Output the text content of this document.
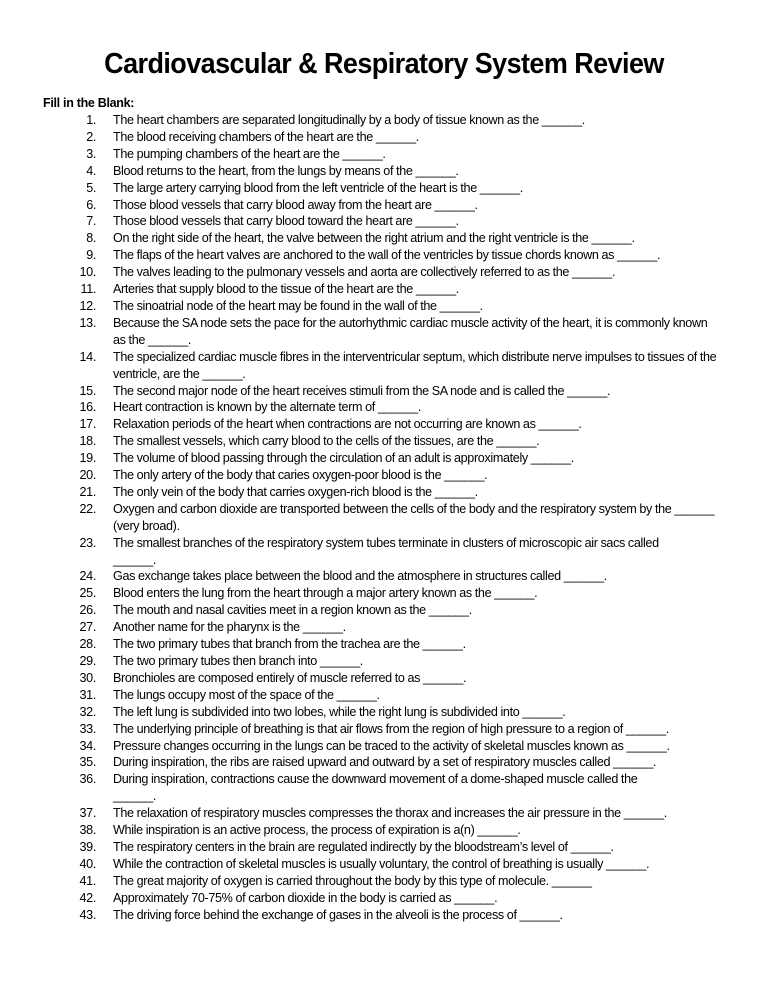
Cardiovascular & Respiratory System Review
Fill in the Blank:
1. The heart chambers are separated longitudinally by a body of tissue known as the ______.
2. The blood receiving chambers of the heart are the ______.
3. The pumping chambers of the heart are the ______.
4. Blood returns to the heart, from the lungs by means of the ______.
5. The large artery carrying blood from the left ventricle of the heart is the ______.
6. Those blood vessels that carry blood away from the heart are ______.
7. Those blood vessels that carry blood toward the heart are ______.
8. On the right side of the heart, the valve between the right atrium and the right ventricle is the ______.
9. The flaps of the heart valves are anchored to the wall of the ventricles by tissue chords known as ______.
10. The valves leading to the pulmonary vessels and aorta are collectively referred to as the ______.
11. Arteries that supply blood to the tissue of the heart are the ______.
12. The sinoatrial node of the heart may be found in the wall of the ______.
13. Because the SA node sets the pace for the autorhythmic cardiac muscle activity of the heart, it is commonly known as the ______.
14. The specialized cardiac muscle fibres in the interventricular septum, which distribute nerve impulses to tissues of the ventricle, are the ______.
15. The second major node of the heart receives stimuli from the SA node and is called the ______.
16. Heart contraction is known by the alternate term of ______.
17. Relaxation periods of the heart when contractions are not occurring are known as ______.
18. The smallest vessels, which carry blood to the cells of the tissues, are the ______.
19. The volume of blood passing through the circulation of an adult is approximately ______.
20. The only artery of the body that caries oxygen-poor blood is the ______.
21. The only vein of the body that carries oxygen-rich blood is the ______.
22. Oxygen and carbon dioxide are transported between the cells of the body and the respiratory system by the ______ (very broad).
23. The smallest branches of the respiratory system tubes terminate in clusters of microscopic air sacs called
______.
24. Gas exchange takes place between the blood and the atmosphere in structures called ______.
25. Blood enters the lung from the heart through a major artery known as the ______.
26. The mouth and nasal cavities meet in a region known as the ______.
27. Another name for the pharynx is the ______.
28. The two primary tubes that branch from the trachea are the ______.
29. The two primary tubes then branch into ______.
30. Bronchioles are composed entirely of muscle referred to as ______.
31. The lungs occupy most of the space of the ______.
32. The left lung is subdivided into two lobes, while the right lung is subdivided into ______.
33. The underlying principle of breathing is that air flows from the region of high pressure to a region of ______.
34. Pressure changes occurring in the lungs can be traced to the activity of skeletal muscles known as ______.
35. During inspiration, the ribs are raised upward and outward by a set of respiratory muscles called ______.
36. During inspiration, contractions cause the downward movement of a dome-shaped muscle called the
______.
37. The relaxation of respiratory muscles compresses the thorax and increases the air pressure in the ______.
38. While inspiration is an active process, the process of expiration is a(n) ______.
39. The respiratory centers in the brain are regulated indirectly by the bloodstream’s level of ______.
40. While the contraction of skeletal muscles is usually voluntary, the control of breathing is usually ______.
41. The great majority of oxygen is carried throughout the body by this type of molecule. ______
42. Approximately 70-75% of carbon dioxide in the body is carried as ______.
43. The driving force behind the exchange of gases in the alveoli is the process of ______.
